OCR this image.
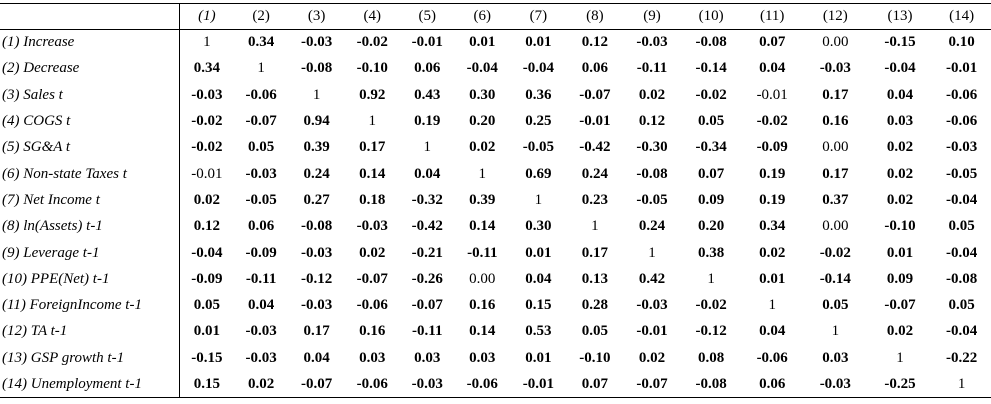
	(1)	(2)	(3)	(4)	(5)	(6)	(7)	(8)	(9)	(10)	(11)	(12)	(13)	(14)
(1) Increase	1	0.34	-0.03	-0.02	-0.01	0.01	0.01	0.12	-0.03	-0.08	0.07	0.00	-0.15	0.10
(2) Decrease	0.34	1	-0.08	-0.10	0.06	-0.04	-0.04	0.06	-0.11	-0.14	0.04	-0.03	-0.04	-0.01
(3) Sales t	-0.03	-0.06	1	0.92	0.43	0.30	0.36	-0.07	0.02	-0.02	-0.01	0.17	0.04	-0.06
(4) COGS t	-0.02	-0.07	0.94	1	0.19	0.20	0.25	-0.01	0.12	0.05	-0.02	0.16	0.03	-0.06
(5) SG&A t	-0.02	0.05	0.39	0.17	1	0.02	-0.05	-0.42	-0.30	-0.34	-0.09	0.00	0.02	-0.03
(6) Non-state Taxes t	-0.01	-0.03	0.24	0.14	0.04	1	0.69	0.24	-0.08	0.07	0.19	0.17	0.02	-0.05
(7) Net Income t	0.02	-0.05	0.27	0.18	-0.32	0.39	1	0.23	-0.05	0.09	0.19	0.37	0.02	-0.04
(8) ln(Assets) t-1	0.12	0.06	-0.08	-0.03	-0.42	0.14	0.30	1	0.24	0.20	0.34	0.00	-0.10	0.05
(9) Leverage t-1	-0.04	-0.09	-0.03	0.02	-0.21	-0.11	0.01	0.17	1	0.38	0.02	-0.02	0.01	-0.04
(10) PPE(Net) t-1	-0.09	-0.11	-0.12	-0.07	-0.26	0.00	0.04	0.13	0.42	1	0.01	-0.14	0.09	-0.08
(11) ForeignIncome t-1	0.05	0.04	-0.03	-0.06	-0.07	0.16	0.15	0.28	-0.03	-0.02	1	0.05	-0.07	0.05
(12) TA t-1	0.01	-0.03	0.17	0.16	-0.11	0.14	0.53	0.05	-0.01	-0.12	0.04	1	0.02	-0.04
(13) GSP growth t-1	-0.15	-0.03	0.04	0.03	0.03	0.03	0.01	-0.10	0.02	0.08	-0.06	0.03	1	-0.22
(14) Unemployment t-1	0.15	0.02	-0.07	-0.06	-0.03	-0.06	-0.01	0.07	-0.07	-0.08	0.06	-0.03	-0.25	1
